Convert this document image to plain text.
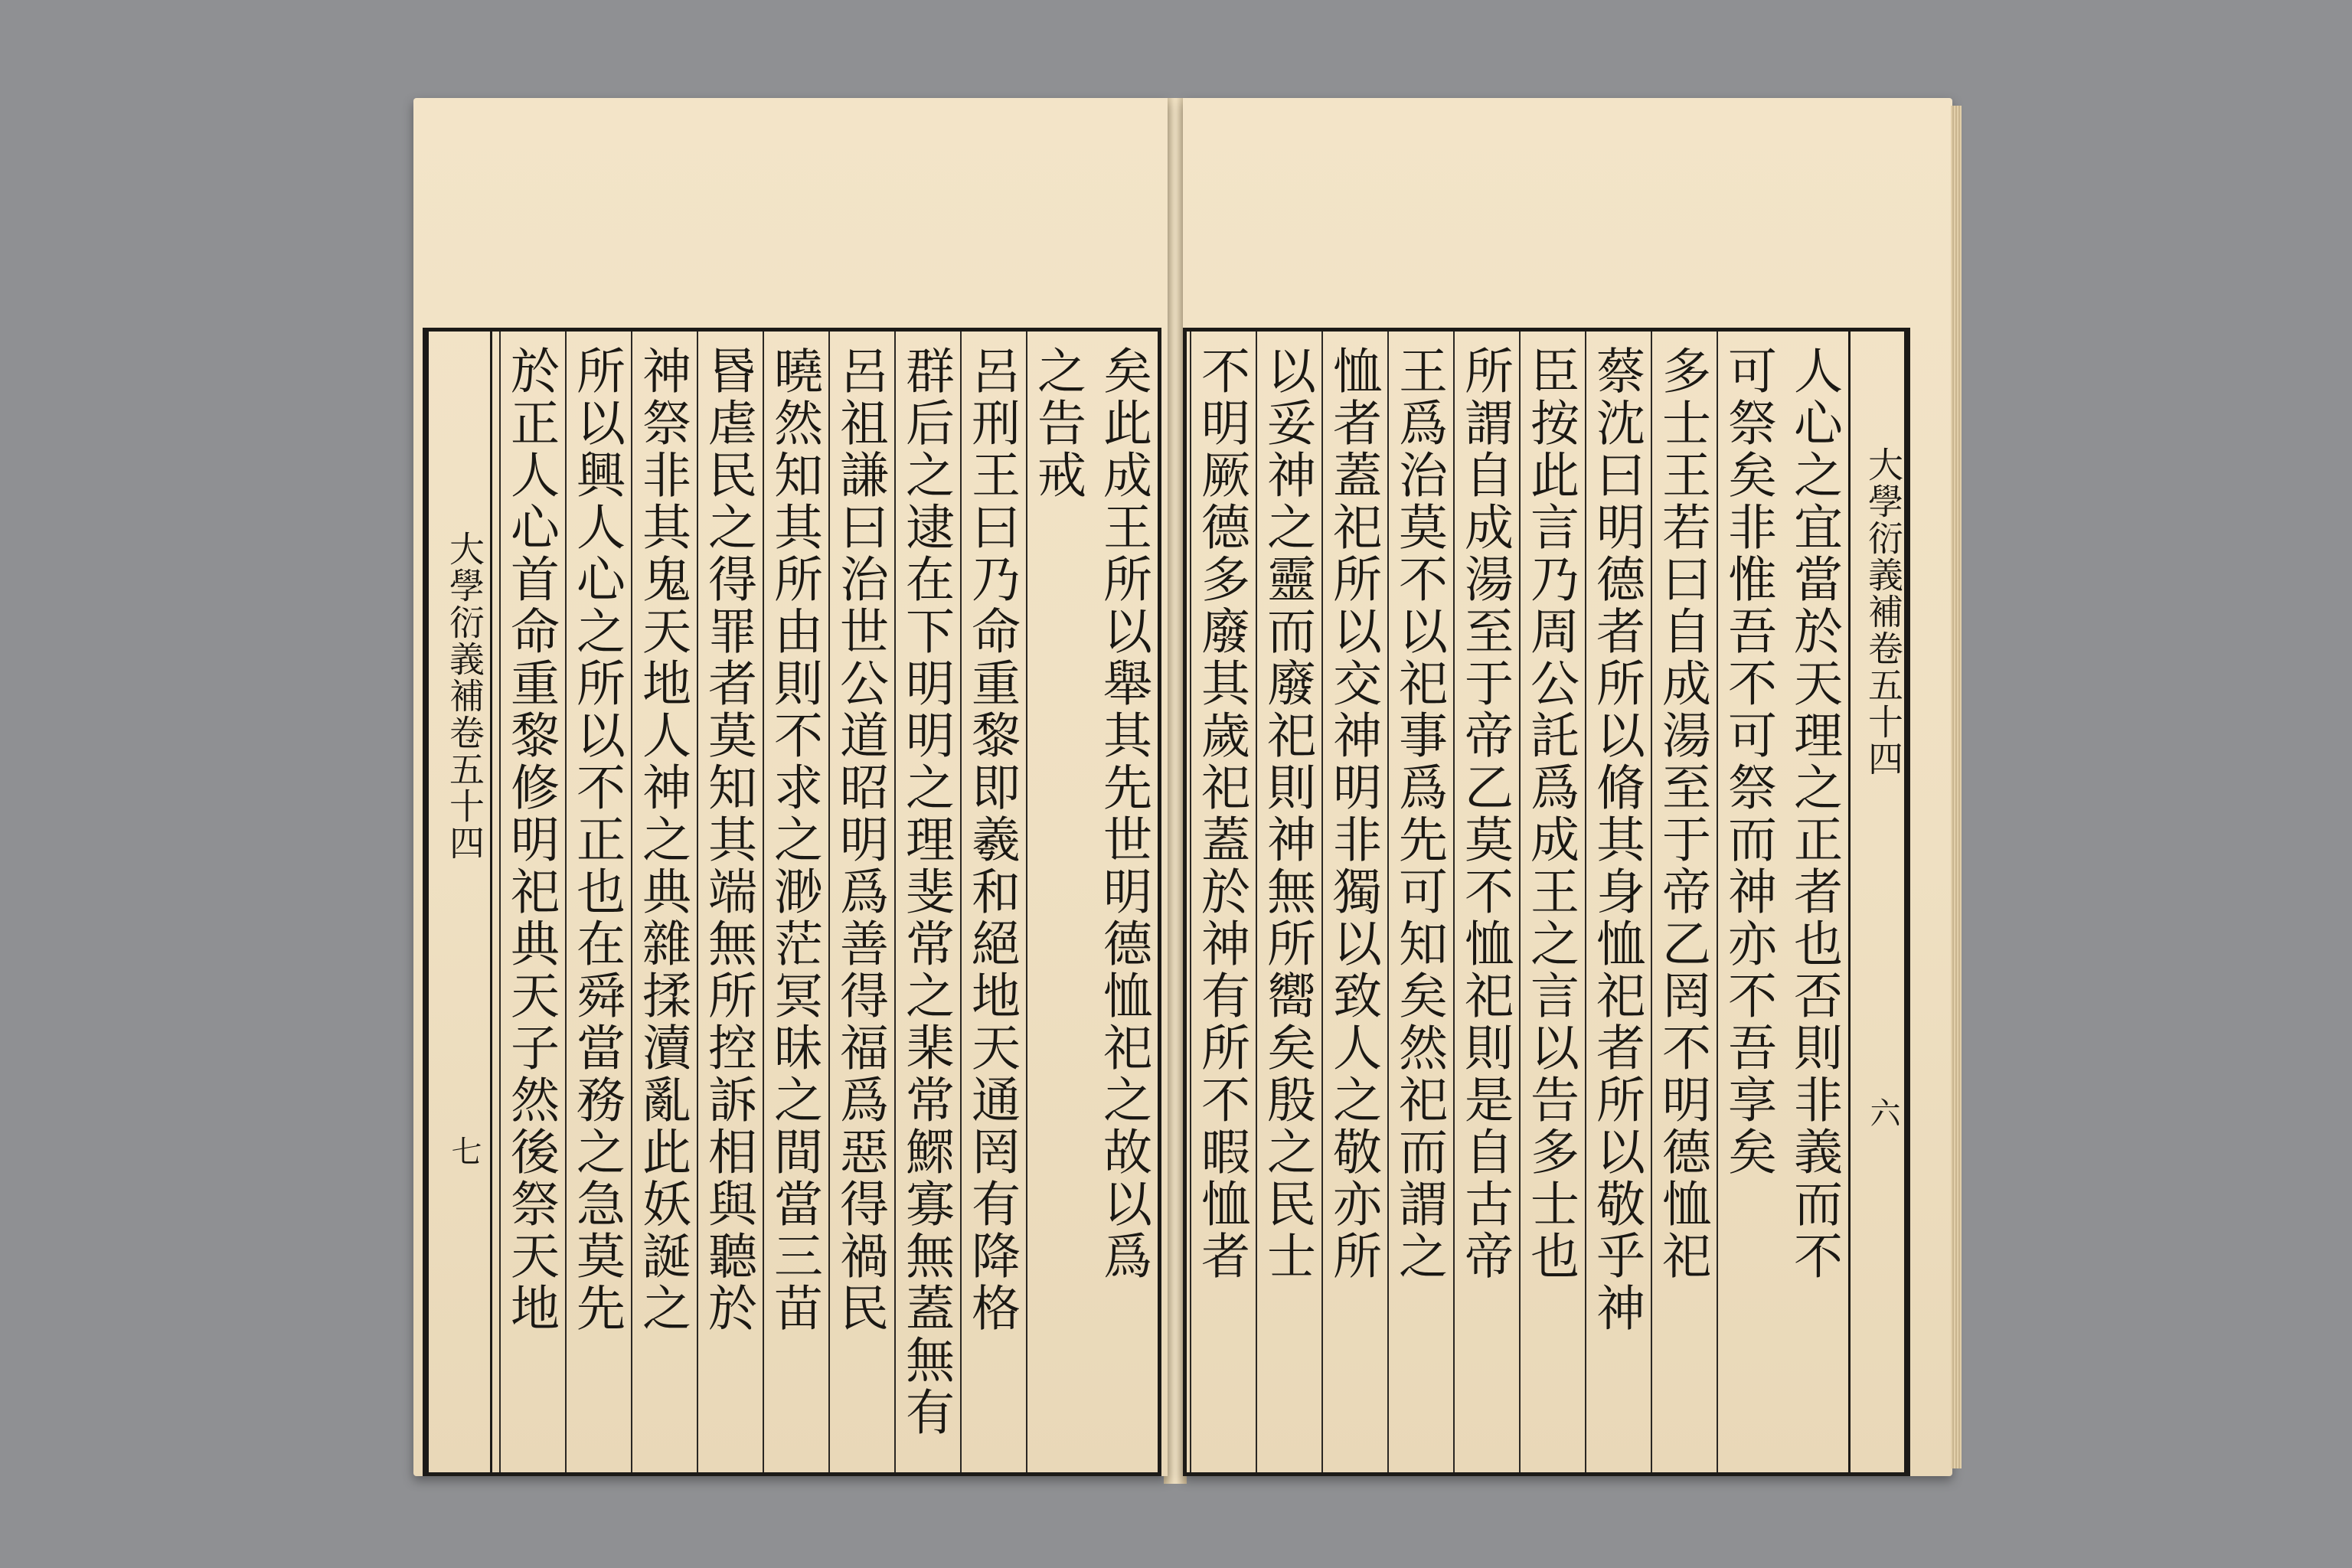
矣此成王所以舉其先世明德恤祀之故以爲
之告戒
呂刑王曰乃命重黎即羲和絕地天通罔有降格
群后之逮在下明明之理斐常之棐常鰥寡無蓋無有
呂祖謙曰治世公道昭明爲善得福爲惡得禍民
曉然知其所由則不求之渺茫冥昧之間當三苗
昬虐民之得罪者莫知其端無所控訴相與聽於
神祭非其鬼天地人神之典雜揉瀆亂此妖誕之
所以興人心之所以不正也在舜當務之急莫先
於正人心首命重黎修明祀典天子然後祭天地
大學衍義補卷五十四
七
大學衍義補卷五十四
六
人心之宜當於天理之正者也否則非義而不
可祭矣非惟吾不可祭而神亦不吾享矣
多士王若曰自成湯至于帝乙罔不明德恤祀
蔡沈曰明德者所以脩其身恤祀者所以敬乎神
臣按此言乃周公託爲成王之言以告多士也
所謂自成湯至于帝乙莫不恤祀則是自古帝
王爲治莫不以祀事爲先可知矣然祀而謂之
恤者蓋祀所以交神明非獨以致人之敬亦所
以妥神之靈而廢祀則神無所嚮矣殷之民士
不明厥德多廢其歲祀蓋於神有所不暇恤者
